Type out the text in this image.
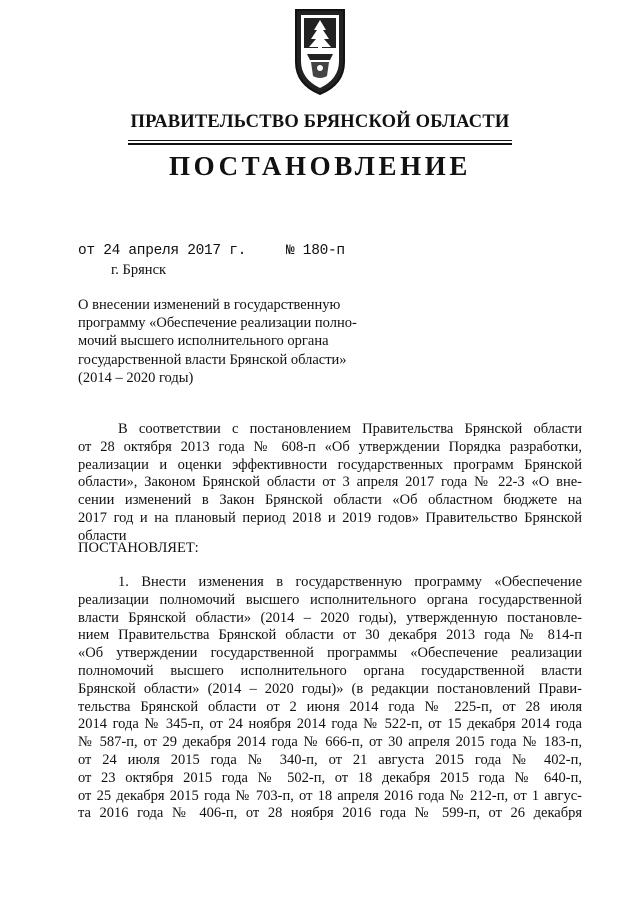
ПРАВИТЕЛЬСТВО БРЯНСКОЙ ОБЛАСТИ
ПОСТАНОВЛЕНИЕ
от 24 апреля 2017 г.	№ 180-п
г. Брянск
О внесении изменений в государственную
программу «Обеспечение реализации полно-
мочий высшего исполнительного органа
государственной власти Брянской области»
(2014 – 2020 годы)
В соответствии с постановлением Правительства Брянской области
от 28 октября 2013 года № 608-п «Об утверждении Порядка разработки,
реализации и оценки эффективности государственных программ Брянской
области», Законом Брянской области от 3 апреля 2017 года № 22-З «О вне-
сении изменений в Закон Брянской области «Об областном бюджете на
2017 год и на плановый период 2018 и 2019 годов» Правительство Брянской
области
ПОСТАНОВЛЯЕТ:
1. Внести изменения в государственную программу «Обеспечение
реализации полномочий высшего исполнительного органа государственной
власти Брянской области» (2014 – 2020 годы), утвержденную постановле-
нием Правительства Брянской области от 30 декабря 2013 года № 814-п
«Об утверждении государственной программы «Обеспечение реализации
полномочий высшего исполнительного органа государственной власти
Брянской области» (2014 – 2020 годы)» (в редакции постановлений Прави-
тельства Брянской области от 2 июня 2014 года № 225-п, от 28 июля
2014 года № 345-п, от 24 ноября 2014 года № 522-п, от 15 декабря 2014 года
№ 587-п, от 29 декабря 2014 года № 666-п, от 30 апреля 2015 года № 183-п,
от 24 июля 2015 года № 340-п, от 21 августа 2015 года № 402-п,
от 23 октября 2015 года № 502-п, от 18 декабря 2015 года № 640-п,
от 25 декабря 2015 года № 703-п, от 18 апреля 2016 года № 212-п, от 1 авгус-
та 2016 года № 406-п, от 28 ноября 2016 года № 599-п, от 26 декабря
